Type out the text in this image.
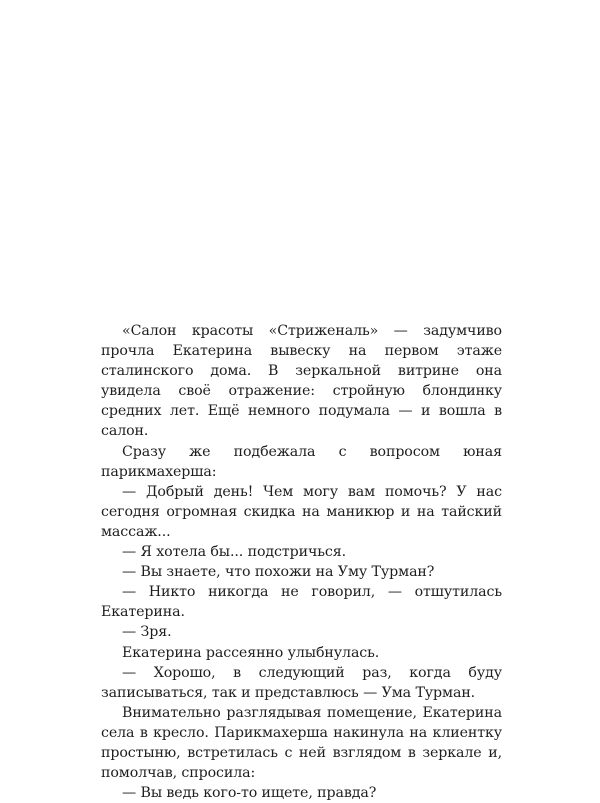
«Салон красоты «Стриженаль» — задумчиво прочла Екатерина вывеску на первом этаже сталинского дома. В зеркальной витрине она увидела своё отражение: стройную блондинку средних лет. Ещё немного подумала — и вошла в салон.

Сразу же подбежала с вопросом юная парикмахерша:

— Добрый день! Чем могу вам помочь? У нас сегодня огромная скидка на маникюр и на тайский массаж...

— Я хотела бы... подстричься.

— Вы знаете, что похожи на Уму Турман?

— Никто никогда не говорил, — отшутилась Екатерина.

— Зря.

Екатерина рассеянно улыбнулась.

— Хорошо, в следующий раз, когда буду записываться, так и представлюсь — Ума Турман.

Внимательно разглядывая помещение, Екатерина села в кресло. Парикмахерша накинула на клиентку простыню, встретилась с ней взглядом в зеркале и, помолчав, спросила:

— Вы ведь кого-то ищете, правда?
